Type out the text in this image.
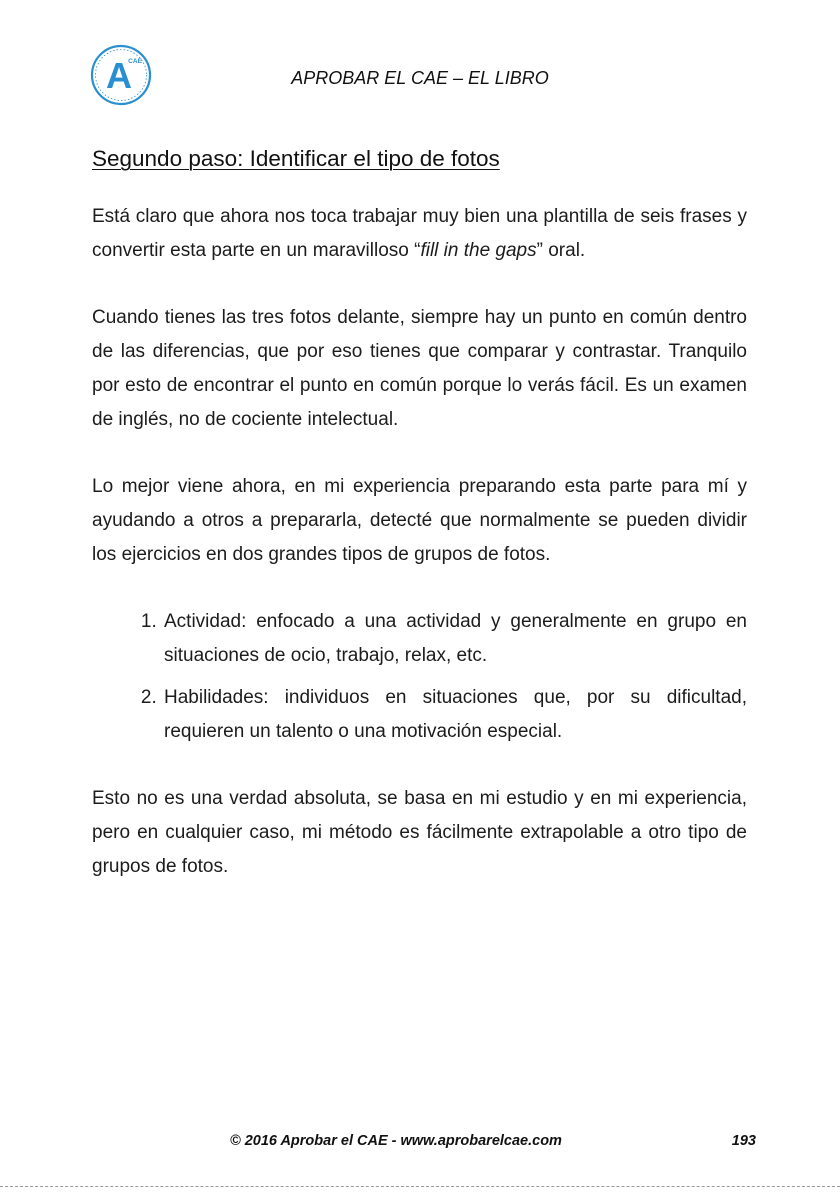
A
CAE
APROBAR EL CAE – EL LIBRO
Segundo paso: Identificar el tipo de fotos

Está claro que ahora nos toca trabajar muy bien una plantilla de seis frases y convertir esta parte en un maravilloso “fill in the gaps” oral.

Cuando tienes las tres fotos delante, siempre hay un punto en común dentro de las diferencias, que por eso tienes que comparar y contrastar. Tranquilo por esto de encontrar el punto en común porque lo verás fácil. Es un examen de inglés, no de cociente intelectual.

Lo mejor viene ahora, en mi experiencia preparando esta parte para mí y ayudando a otros a prepararla, detecté que normalmente se pueden dividir los ejercicios en dos grandes tipos de grupos de fotos.

1. Actividad: enfocado a una actividad y generalmente en grupo en situaciones de ocio, trabajo, relax, etc.
2. Habilidades: individuos en situaciones que, por su dificultad, requieren un talento o una motivación especial.

Esto no es una verdad absoluta, se basa en mi estudio y en mi experiencia, pero en cualquier caso, mi método es fácilmente extrapolable a otro tipo de grupos de fotos.

© 2016 Aprobar el CAE - www.aprobarelcae.com	193
